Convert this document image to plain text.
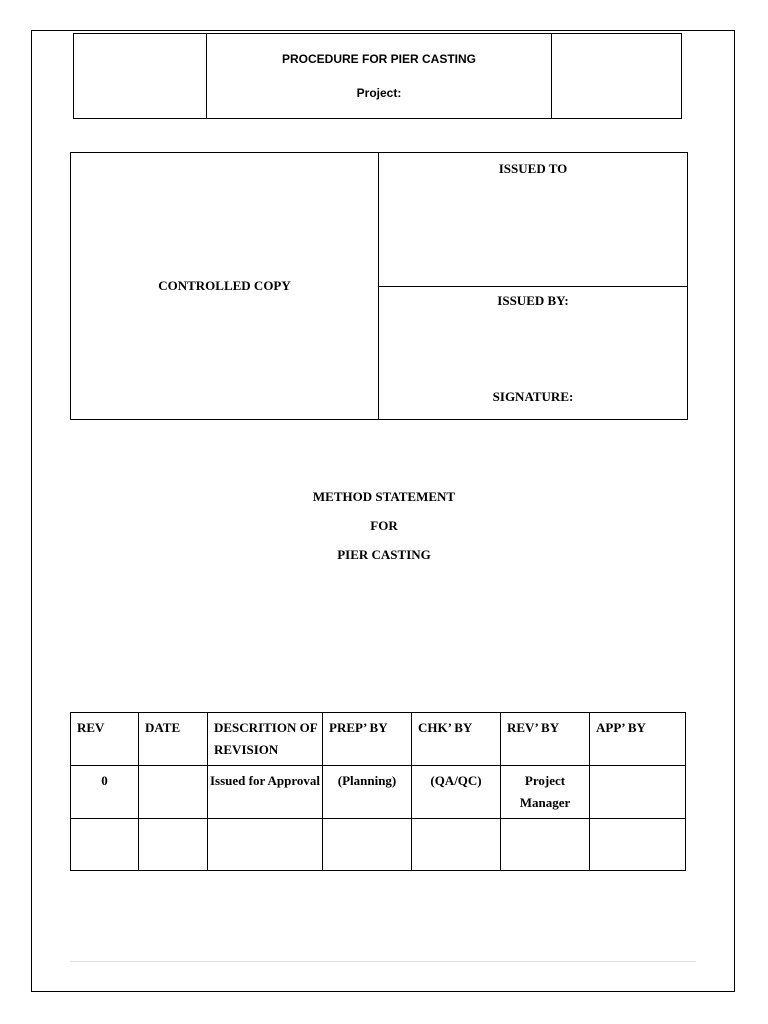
PROCEDURE FOR PIER CASTING
Project:

CONTROLLED COPY	ISSUED TO

ISSUED BY:
SIGNATURE:
METHOD STATEMENT
FOR
PIER CASTING
REV	DATE	DESCRITION OF REVISION	PREP’ BY	CHK’ BY	REV’ BY	APP’ BY
0		Issued for Approval	(Planning)	(QA/QC)	Project Manager	
